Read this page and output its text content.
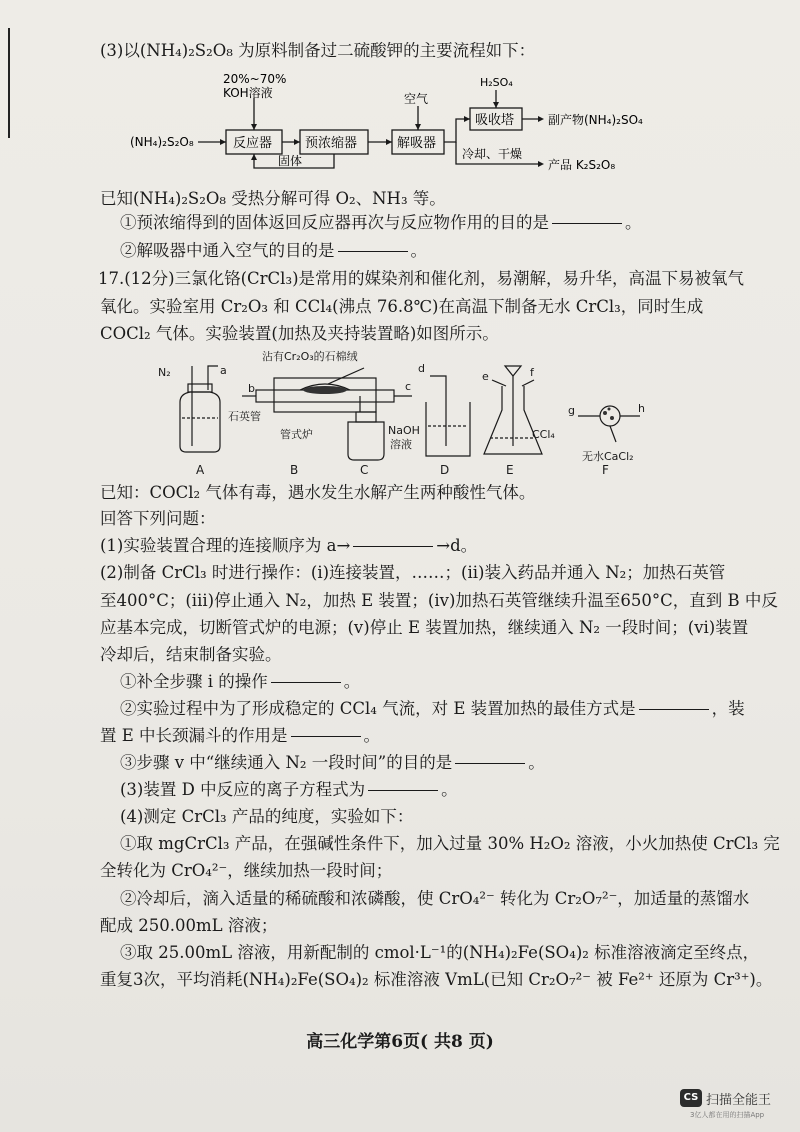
(3)以(NH₄)₂S₂O₈ 为原料制备过二硫酸钾的主要流程如下：
(NH₄)₂S₂O₈
20%~70%
KOH溶液
反应器	预浓缩器
固体
空气
解吸器
H₂SO₄
吸收塔	副产物(NH₄)₂SO₄
冷却、干燥
产品 K₂S₂O₈
已知(NH₄)₂S₂O₈ 受热分解可得 O₂、NH₃ 等。
①预浓缩得到的固体返回反应器再次与反应物作用的目的是	。
②解吸器中通入空气的目的是	。
17.(12分)三氯化铬(CrCl₃)是常用的媒染剂和催化剂，易潮解，易升华，高温下易被氧气
氧化。实验室用 Cr₂O₃ 和 CCl₄(沸点 76.8℃)在高温下制备无水 CrCl₃，同时生成
COCl₂ 气体。实验装置(加热及夹持装置略)如图所示。
N₂	a
b	c
d
e	f
g	h
沾有Cr₂O₃的石棉绒
石英管
管式炉	NaOH
溶液
CCl₄
无水CaCl₂
A	B	C	D	E	F
已知：COCl₂ 气体有毒，遇水发生水解产生两种酸性气体。
回答下列问题：
(1)实验装置合理的连接顺序为 a→	→d。
(2)制备 CrCl₃ 时进行操作：(i)连接装置，……；(ii)装入药品并通入 N₂；加热石英管
至400°C；(iii)停止通入 N₂，加热 E 装置；(iv)加热石英管继续升温至650°C，直到 B 中反
应基本完成，切断管式炉的电源；(v)停止 E 装置加热，继续通入 N₂ 一段时间；(vi)装置
冷却后，结束制备实验。
①补全步骤 i 的操作	。
②实验过程中为了形成稳定的 CCl₄ 气流，对 E 装置加热的最佳方式是	，装
置 E 中长颈漏斗的作用是	。
③步骤 v 中“继续通入 N₂ 一段时间”的目的是	。
(3)装置 D 中反应的离子方程式为	。
(4)测定 CrCl₃ 产品的纯度，实验如下：
①取 mgCrCl₃ 产品，在强碱性条件下，加入过量 30% H₂O₂ 溶液，小火加热使 CrCl₃ 完
全转化为 CrO₄²⁻，继续加热一段时间；
②冷却后，滴入适量的稀硫酸和浓磷酸，使 CrO₄²⁻ 转化为 Cr₂O₇²⁻，加适量的蒸馏水
配成 250.00mL 溶液；
③取 25.00mL 溶液，用新配制的 cmol·L⁻¹的(NH₄)₂Fe(SO₄)₂ 标准溶液滴定至终点，
重复3次，平均消耗(NH₄)₂Fe(SO₄)₂ 标准溶液 VmL(已知 Cr₂O₇²⁻ 被 Fe²⁺ 还原为 Cr³⁺)。
高三化学第6页( 共8 页)
CS 扫描全能王
3亿人都在用的扫描App
